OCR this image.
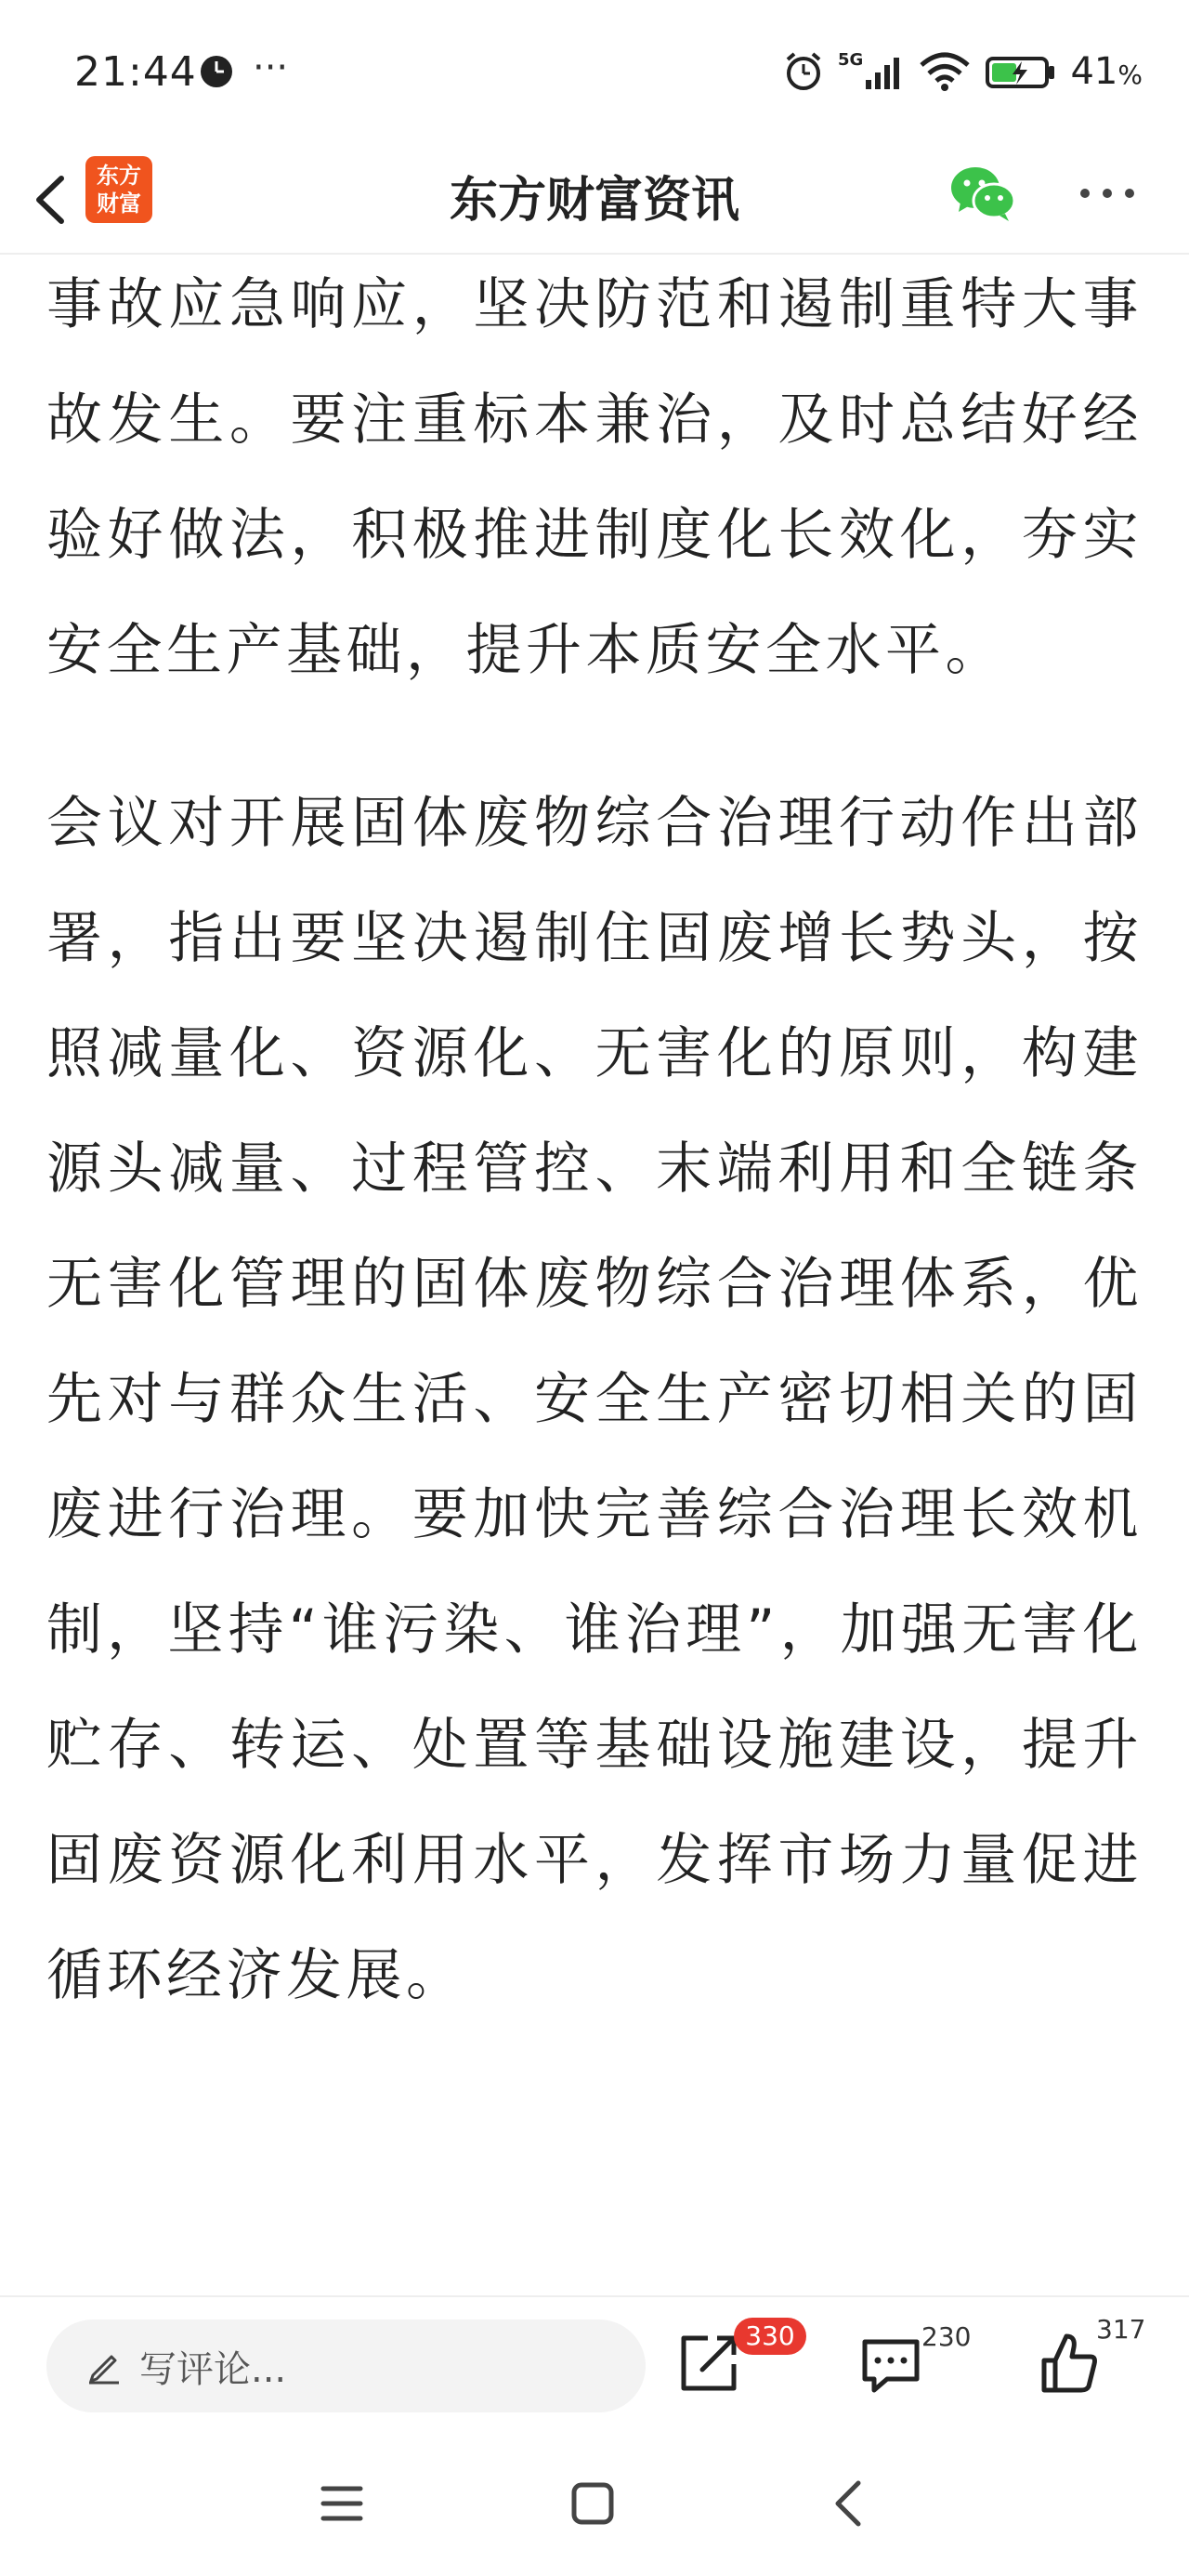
21:44 ···	5G	41%
东方
财富	东方财富资讯

事故应急响应，坚决防范和遏制重特大事故发生。要注重标本兼治，及时总结好经验好做法，积极推进制度化长效化，夯实安全生产基础，提升本质安全水平。

会议对开展固体废物综合治理行动作出部署，指出要坚决遏制住固废增长势头，按照减量化、资源化、无害化的原则，构建源头减量、过程管控、末端利用和全链条无害化管理的固体废物综合治理体系，优先对与群众生活、安全生产密切相关的固废进行治理。要加快完善综合治理长效机制，坚持“谁污染、谁治理”，加强无害化贮存、转运、处置等基础设施建设，提升固废资源化利用水平，发挥市场力量促进循环经济发展。

写评论...
330	230	317
